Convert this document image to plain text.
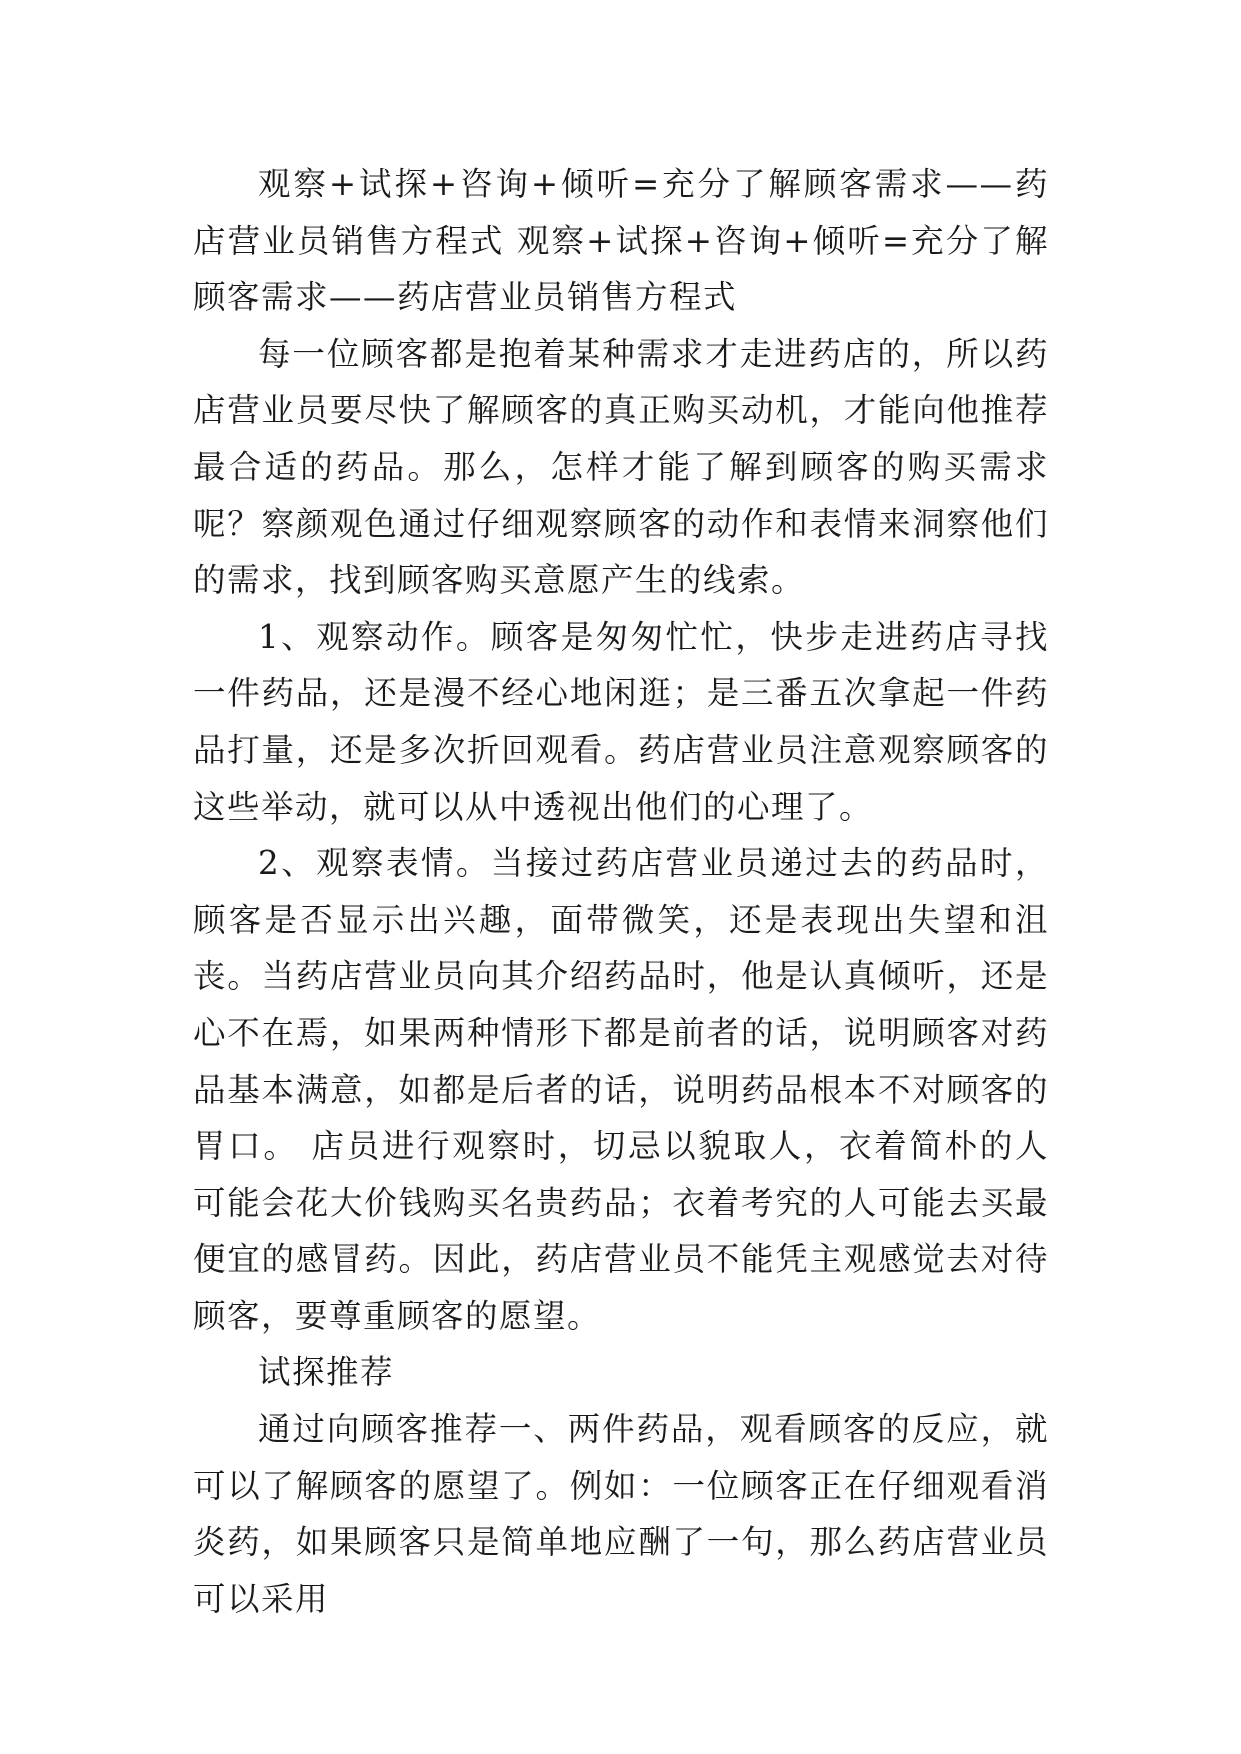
观察+试探+咨询+倾听=充分了解顾客需求——药店营业员销售方程式 观察+试探+咨询+倾听=充分了解顾客需求——药店营业员销售方程式

每一位顾客都是抱着某种需求才走进药店的，所以药店营业员要尽快了解顾客的真正购买动机，才能向他推荐最合适的药品。那么，怎样才能了解到顾客的购买需求呢？察颜观色通过仔细观察顾客的动作和表情来洞察他们的需求，找到顾客购买意愿产生的线索。

1、观察动作。顾客是匆匆忙忙，快步走进药店寻找一件药品，还是漫不经心地闲逛；是三番五次拿起一件药品打量，还是多次折回观看。药店营业员注意观察顾客的这些举动，就可以从中透视出他们的心理了。

2、观察表情。当接过药店营业员递过去的药品时，顾客是否显示出兴趣，面带微笑，还是表现出失望和沮丧。当药店营业员向其介绍药品时，他是认真倾听，还是心不在焉，如果两种情形下都是前者的话，说明顾客对药品基本满意，如都是后者的话，说明药品根本不对顾客的胃口。 店员进行观察时，切忌以貌取人，衣着简朴的人可能会花大价钱购买名贵药品；衣着考究的人可能去买最便宜的感冒药。因此，药店营业员不能凭主观感觉去对待顾客，要尊重顾客的愿望。

试探推荐

通过向顾客推荐一、两件药品，观看顾客的反应，就可以了解顾客的愿望了。例如：一位顾客正在仔细观看消炎药，如果顾客只是简单地应酬了一句，那么药店营业员可以采用
